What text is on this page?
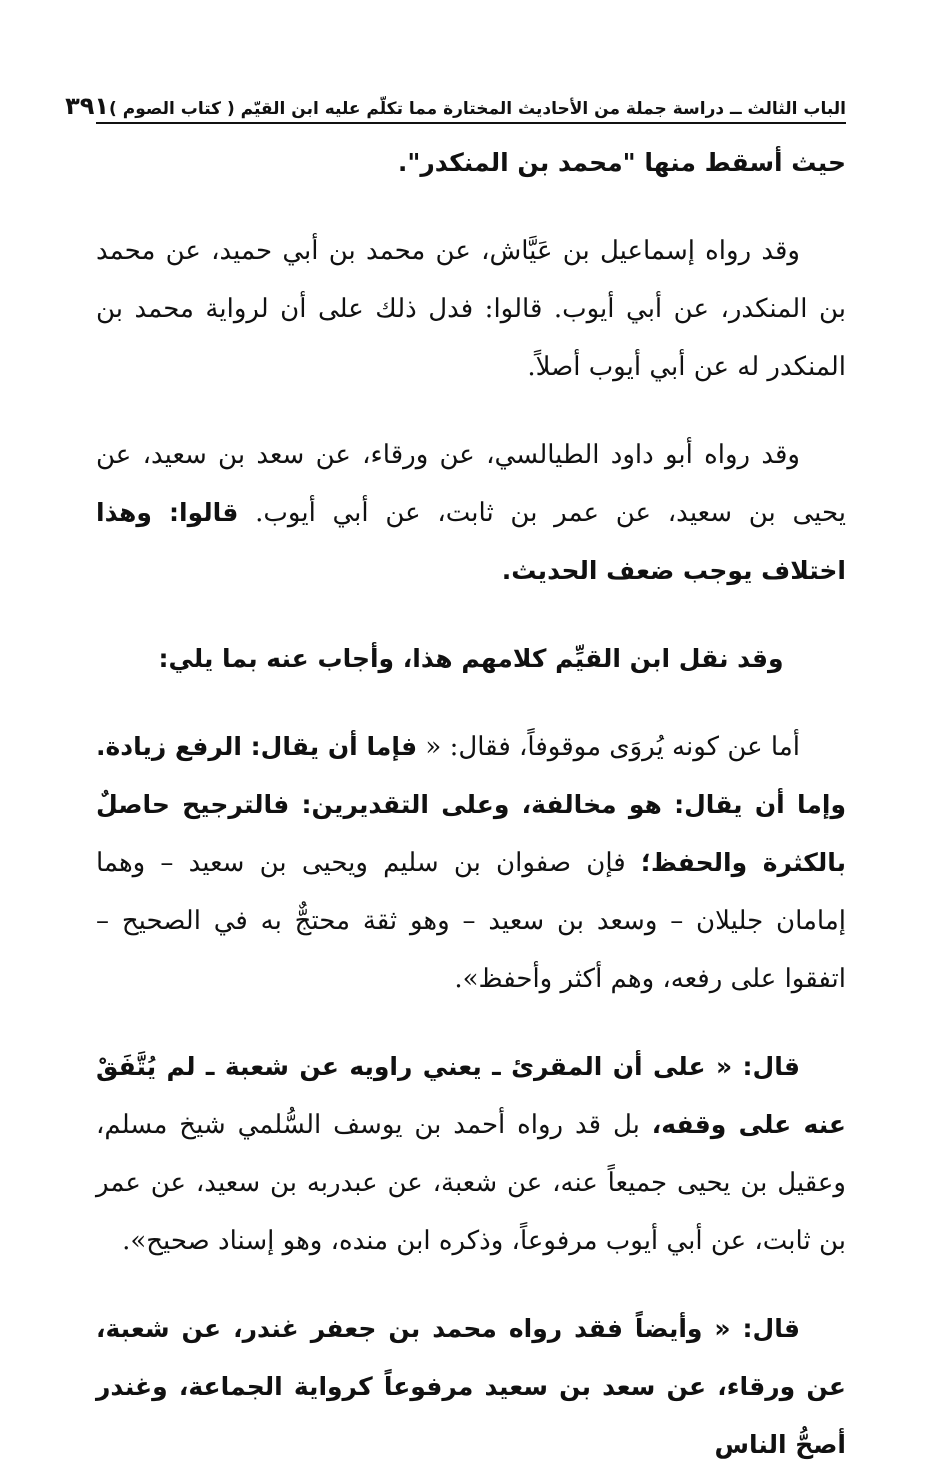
الباب الثالث ــ دراسة جملة من الأحاديث المختارة مما تكلّم عليه ابن القيّم ( كتاب الصوم )
٣٩١

حيث أسقط منها "محمد بن المنكدر".

وقد رواه إسماعيل بن عَيَّاش، عن محمد بن أبي حميد، عن محمد بن المنكدر، عن أبي أيوب. قالوا: فدل ذلك على أن لرواية محمد بن المنكدر له عن أبي أيوب أصلاً.

وقد رواه أبو داود الطيالسي، عن ورقاء، عن سعد بن سعيد، عن يحيى بن سعيد، عن عمر بن ثابت، عن أبي أيوب. قالوا: وهذا اختلاف يوجب ضعف الحديث.

وقد نقل ابن القيِّم كلامهم هذا، وأجاب عنه بما يلي:

أما عن كونه يُروَى موقوفاً، فقال: « فإما أن يقال: الرفع زيادة. وإما أن يقال: هو مخالفة، وعلى التقديرين: فالترجيح حاصلٌ بالكثرة والحفظ؛ فإن صفوان بن سليم ويحيى بن سعيد – وهما إمامان جليلان – وسعد بن سعيد – وهو ثقة محتجٌّ به في الصحيح – اتفقوا على رفعه، وهم أكثر وأحفظ».

قال: « على أن المقرئ ـ يعني راويه عن شعبة ـ لم يُتَّفَقْ عنه على وقفه، بل قد رواه أحمد بن يوسف السُّلمي شيخ مسلم، وعقيل بن يحيى جميعاً عنه، عن شعبة، عن عبدربه بن سعيد، عن عمر بن ثابت، عن أبي أيوب مرفوعاً، وذكره ابن منده، وهو إسناد صحيح».

قال: « وأيضاً فقد رواه محمد بن جعفر غندر، عن شعبة، عن ورقاء، عن سعد بن سعيد مرفوعاً كرواية الجماعة، وغندر أصحُّ الناس
